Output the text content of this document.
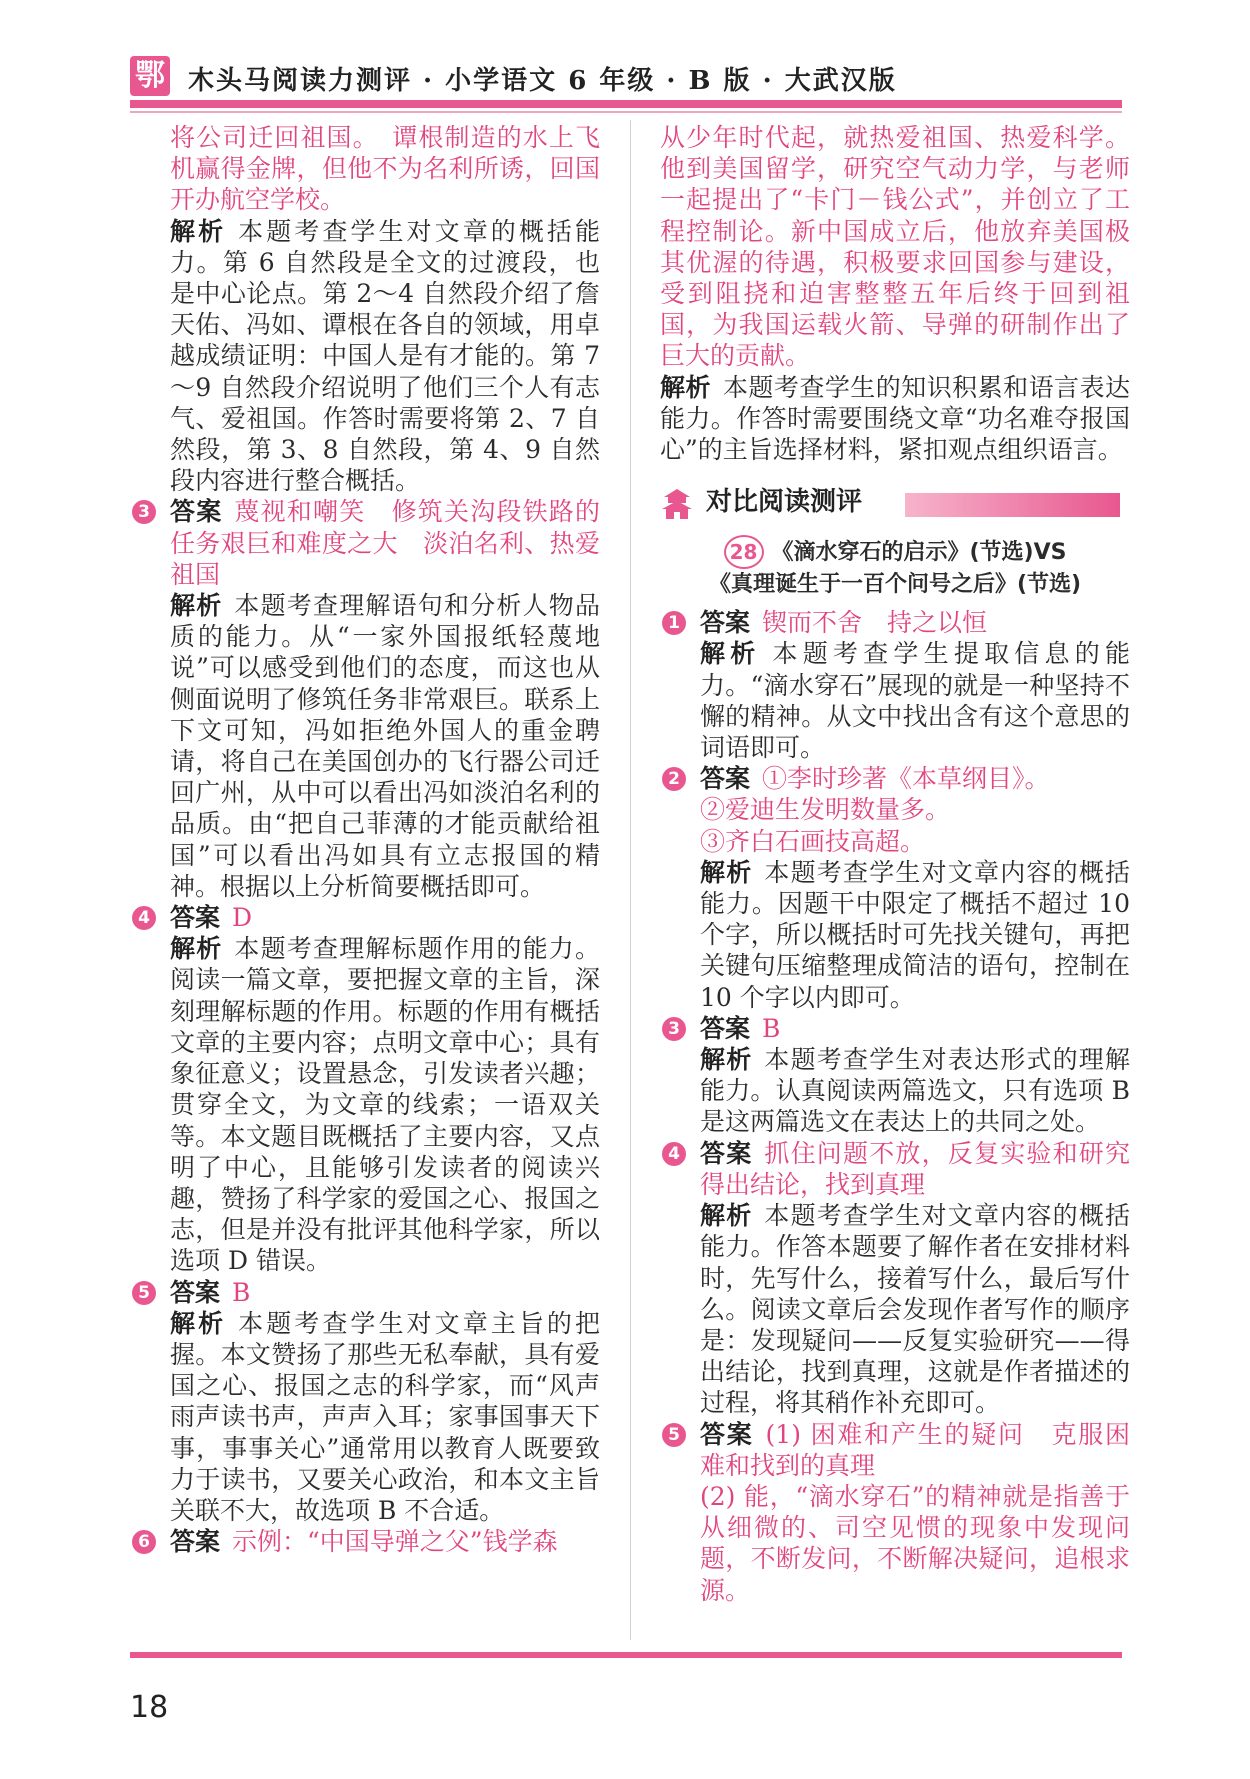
鄂 木头马阅读力测评 · 小学语文 6 年级 · B 版 · 大武汉版

将公司迁回祖国。　谭根制造的水上飞机赢得金牌，但他不为名利所诱，回国开办航空学校。

解析 本题考查学生对文章的概括能力。第 6 自然段是全文的过渡段，也是中心论点。第 2～4 自然段介绍了詹天佑、冯如、谭根在各自的领域，用卓越成绩证明：中国人是有才能的。第 7～9 自然段介绍说明了他们三个人有志气、爱祖国。作答时需要将第 2、7 自然段，第 3、8 自然段，第 4、9 自然段内容进行整合概括。

3 答案 蔑视和嘲笑　修筑关沟段铁路的任务艰巨和难度之大　淡泊名利、热爱祖国

解析 本题考查理解语句和分析人物品质的能力。从“一家外国报纸轻蔑地说”可以感受到他们的态度，而这也从侧面说明了修筑任务非常艰巨。联系上下文可知，冯如拒绝外国人的重金聘请，将自己在美国创办的飞行器公司迁回广州，从中可以看出冯如淡泊名利的品质。由“把自己菲薄的才能贡献给祖国”可以看出冯如具有立志报国的精神。根据以上分析简要概括即可。

4 答案 D

解析 本题考查理解标题作用的能力。阅读一篇文章，要把握文章的主旨，深刻理解标题的作用。标题的作用有概括文章的主要内容；点明文章中心；具有象征意义；设置悬念，引发读者兴趣；贯穿全文，为文章的线索；一语双关等。本文题目既概括了主要内容，又点明了中心，且能够引发读者的阅读兴趣，赞扬了科学家的爱国之心、报国之志，但是并没有批评其他科学家，所以选项 D 错误。

5 答案 B

解析 本题考查学生对文章主旨的把握。本文赞扬了那些无私奉献，具有爱国之心、报国之志的科学家，而“风声雨声读书声，声声入耳；家事国事天下事，事事关心”通常用以教育人既要致力于读书，又要关心政治，和本文主旨关联不大，故选项 B 不合适。

6 答案 示例：“中国导弹之父”钱学森

从少年时代起，就热爱祖国、热爱科学。他到美国留学，研究空气动力学，与老师一起提出了“卡门－钱公式”，并创立了工程控制论。新中国成立后，他放弃美国极其优渥的待遇，积极要求回国参与建设，受到阻挠和迫害整整五年后终于回到祖国，为我国运载火箭、导弹的研制作出了巨大的贡献。

解析 本题考查学生的知识积累和语言表达能力。作答时需要围绕文章“功名难夺报国心”的主旨选择材料，紧扣观点组织语言。

对比阅读测评
28 《滴水穿石的启示》(节选)VS
《真理诞生于一百个问号之后》(节选)
1 答案 锲而不舍　持之以恒

解析 本题考查学生提取信息的能力。“滴水穿石”展现的就是一种坚持不懈的精神。从文中找出含有这个意思的词语即可。

2 答案 ①李时珍著《本草纲目》。

②爱迪生发明数量多。

③齐白石画技高超。

解析 本题考查学生对文章内容的概括能力。因题干中限定了概括不超过 10 个字，所以概括时可先找关键句，再把关键句压缩整理成简洁的语句，控制在 10 个字以内即可。

3 答案 B

解析 本题考查学生对表达形式的理解能力。认真阅读两篇选文，只有选项 B 是这两篇选文在表达上的共同之处。

4 答案 抓住问题不放，反复实验和研究　得出结论，找到真理

解析 本题考查学生对文章内容的概括能力。作答本题要了解作者在安排材料时，先写什么，接着写什么，最后写什么。阅读文章后会发现作者写作的顺序是：发现疑问——反复实验研究——得出结论，找到真理，这就是作者描述的过程，将其稍作补充即可。

5 答案 (1) 困难和产生的疑问　克服困难和找到的真理

(2) 能，“滴水穿石”的精神就是指善于从细微的、司空见惯的现象中发现问题，不断发问，不断解决疑问，追根求源。

18
